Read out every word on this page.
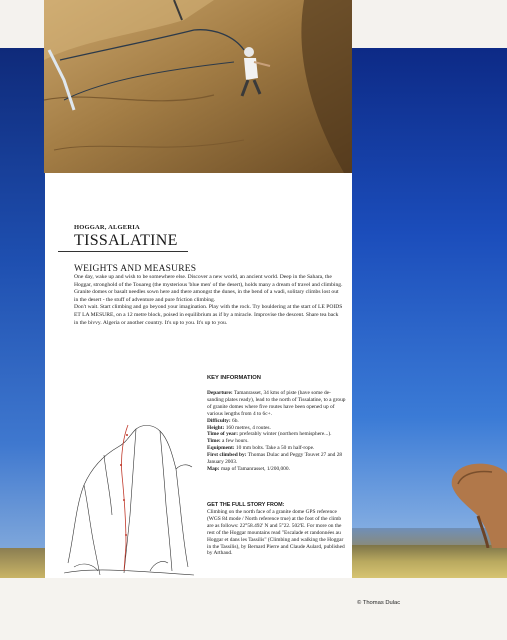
HOGGAR, ALGERIA
TISSALATINE
WEIGHTS AND MEASURES

One day, wake up and wish to be somewhere else. Discover a new world, an ancient world. Deep in the Sahara, the Hoggar, stronghold of the Touareg (the mysterious 'blue men' of the desert), holds many a dream of travel and climbing.

Granite domes or basalt needles sown here and there amongst the dunes, in the bend of a wadi, solitary climbs lost out in the desert - the stuff of adventure and pure friction climbing.

Don't wait. Start climbing and go beyond your imagination. Play with the rock. Try bouldering at the start of LE POIDS ET LA MESURE, on a 12 metre block, poised in equilibrium as if by a miracle. Improvise the descent. Share tea back in the bivvy. Algeria or another country. It's up to you. It's up to you.

KEY INFORMATION

Departure: Tamanrasset, 34 kms of piste (have some de-sanding plates ready), lead to the north of Tissalatine, to a group of granite domes where five routes have been opened up of various lengths from 4 to 6c+.

Difficulty: 6b.

Height: 160 metres, 4 routes.

Time of year: preferably winter (northern hemisphere...).

Time: a few hours.

Equipment: 10 mm bolts. Take a 50 m half-rope.

First climbed by: Thomas Dulac and Peggy Touvet 27 and 28 January 2003.

Map: map of Tamanrasset, 1/200,000.

GET THE FULL STORY FROM:
Climbing on the north face of a granite dome GPS reference (WGS 84 mode / North reference true) at the foot of the climb are as follows: 22°58.492' N and 5°22. 502'E. For more on the rest of the Hoggar mountains read "Escalade et randonnées au Hoggar et dans les Tassilis" (Climbing and walking the Hoggar in the Tassilis), by Bernard Pierre and Claude Aulard, published by Arthaud.
© Thomas Dulac
